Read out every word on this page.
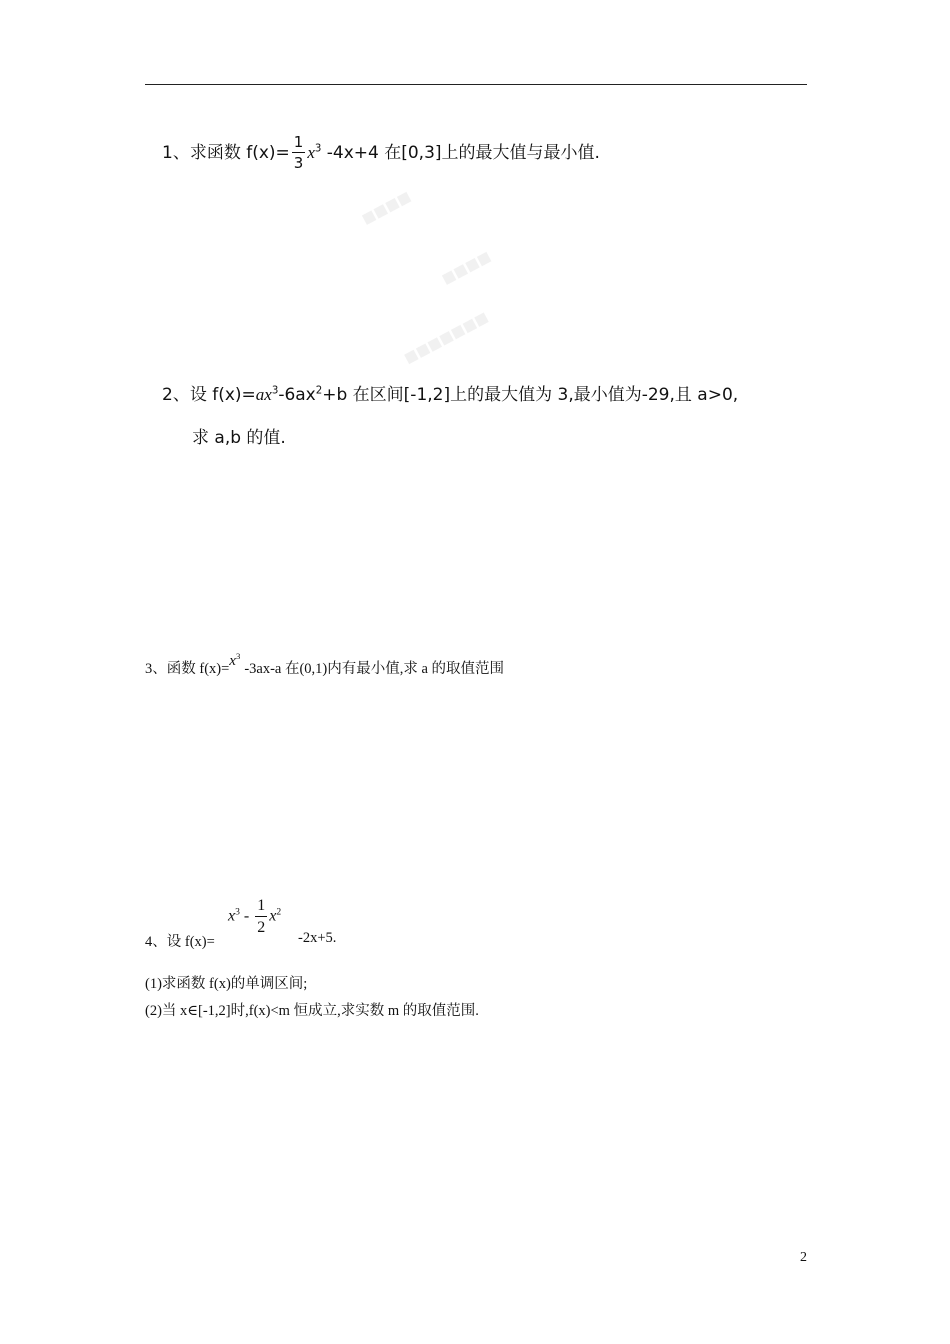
■■■■
■■■■
■■■■■■■
1、求函数 $f(x)= \frac{1}{3} x^3$ -4x+4 在[0,3]上的最大值与最小值.
2、设 $f(x)=ax^3-6ax^2+b$ 在区间[-1,2]上的最大值为 3,最小值为-29,且 a>0,
求 a,b 的值.
3、函数 $f(x)=x^3-3ax-a$ 在(0,1)内有最小值,求 a 的取值范围
4、设 f(x)=
$x^3 - \frac{1}{2} x^2$
-2x+5.
(1)求函数 f(x)的单调区间;
(2)当 x∈[-1,2]时,f(x)<m 恒成立,求实数 m 的取值范围.
2
